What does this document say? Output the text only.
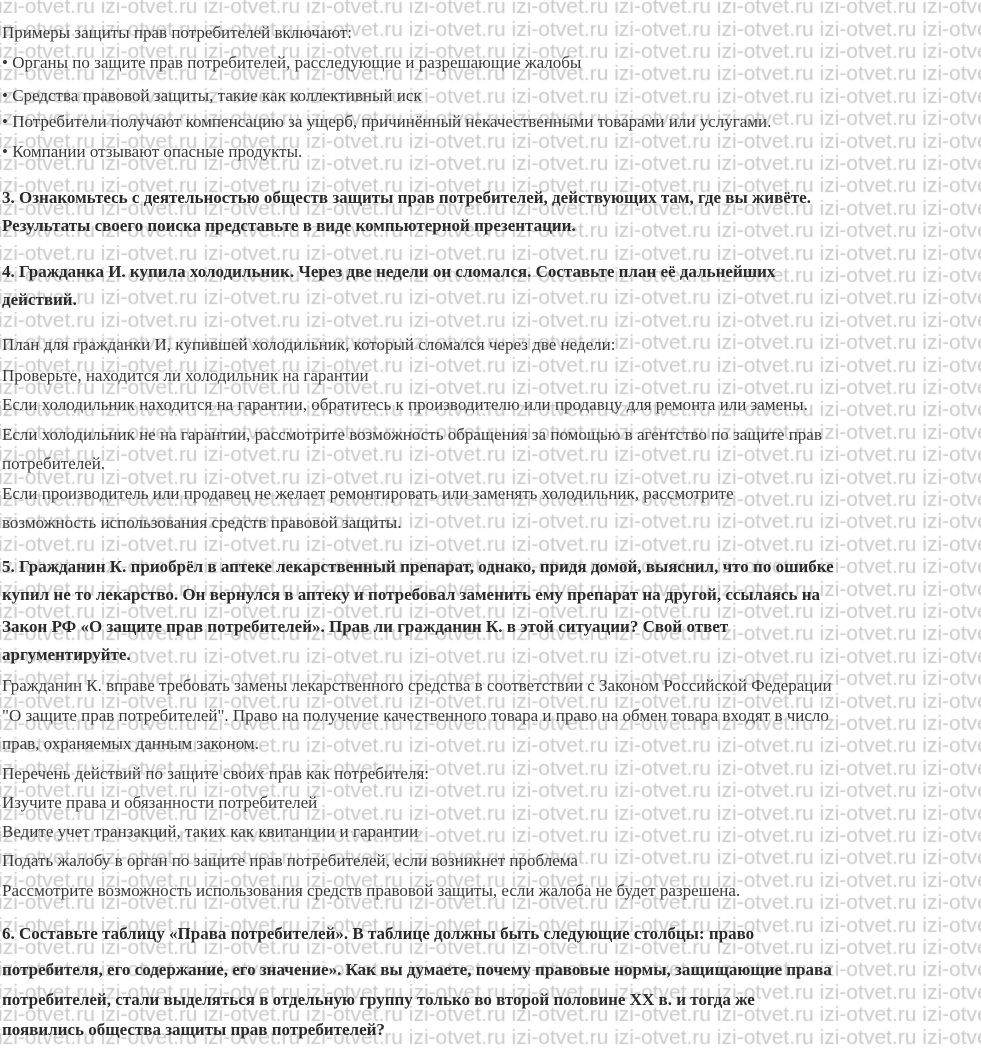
Примеры защиты прав потребителей включают:
• Органы по защите прав потребителей, расследующие и разрешающие жалобы
• Средства правовой защиты, такие как коллективный иск
• Потребители получают компенсацию за ущерб, причинённый некачественными товарами или услугами.
• Компании отзывают опасные продукты.
3. Ознакомьтесь с деятельностью обществ защиты прав потребителей, действующих там, где вы живёте.
Результаты своего поиска представьте в виде компьютерной презентации.
4. Гражданка И. купила холодильник. Через две недели он сломался. Составьте план её дальнейших
действий.
План для гражданки И, купившей холодильник, который сломался через две недели:
Проверьте, находится ли холодильник на гарантии
Если холодильник находится на гарантии, обратитесь к производителю или продавцу для ремонта или замены.
Если холодильник не на гарантии, рассмотрите возможность обращения за помощью в агентство по защите прав
потребителей.
Если производитель или продавец не желает ремонтировать или заменять холодильник, рассмотрите
возможность использования средств правовой защиты.
5. Гражданин К. приобрёл в аптеке лекарственный препарат, однако, придя домой, выяснил, что по ошибке
купил не то лекарство. Он вернулся в аптеку и потребовал заменить ему препарат на другой, ссылаясь на
Закон РФ «О защите прав потребителей». Прав ли гражданин К. в этой ситуации? Свой ответ
аргументируйте.
Гражданин К. вправе требовать замены лекарственного средства в соответствии с Законом Российской Федерации
"О защите прав потребителей". Право на получение качественного товара и право на обмен товара входят в число
прав, охраняемых данным законом.
Перечень действий по защите своих прав как потребителя:
Изучите права и обязанности потребителей
Ведите учет транзакций, таких как квитанции и гарантии
Подать жалобу в орган по защите прав потребителей, если возникнет проблема
Рассмотрите возможность использования средств правовой защиты, если жалоба не будет разрешена.
6. Составьте таблицу «Права потребителей». В таблице должны быть следующие столбцы: право
потребителя, его содержание, его значение». Как вы думаете, почему правовые нормы, защищающие права
потребителей, стали выделяться в отдельную группу только во второй половине XX в. и тогда же
появились общества защиты прав потребителей?
